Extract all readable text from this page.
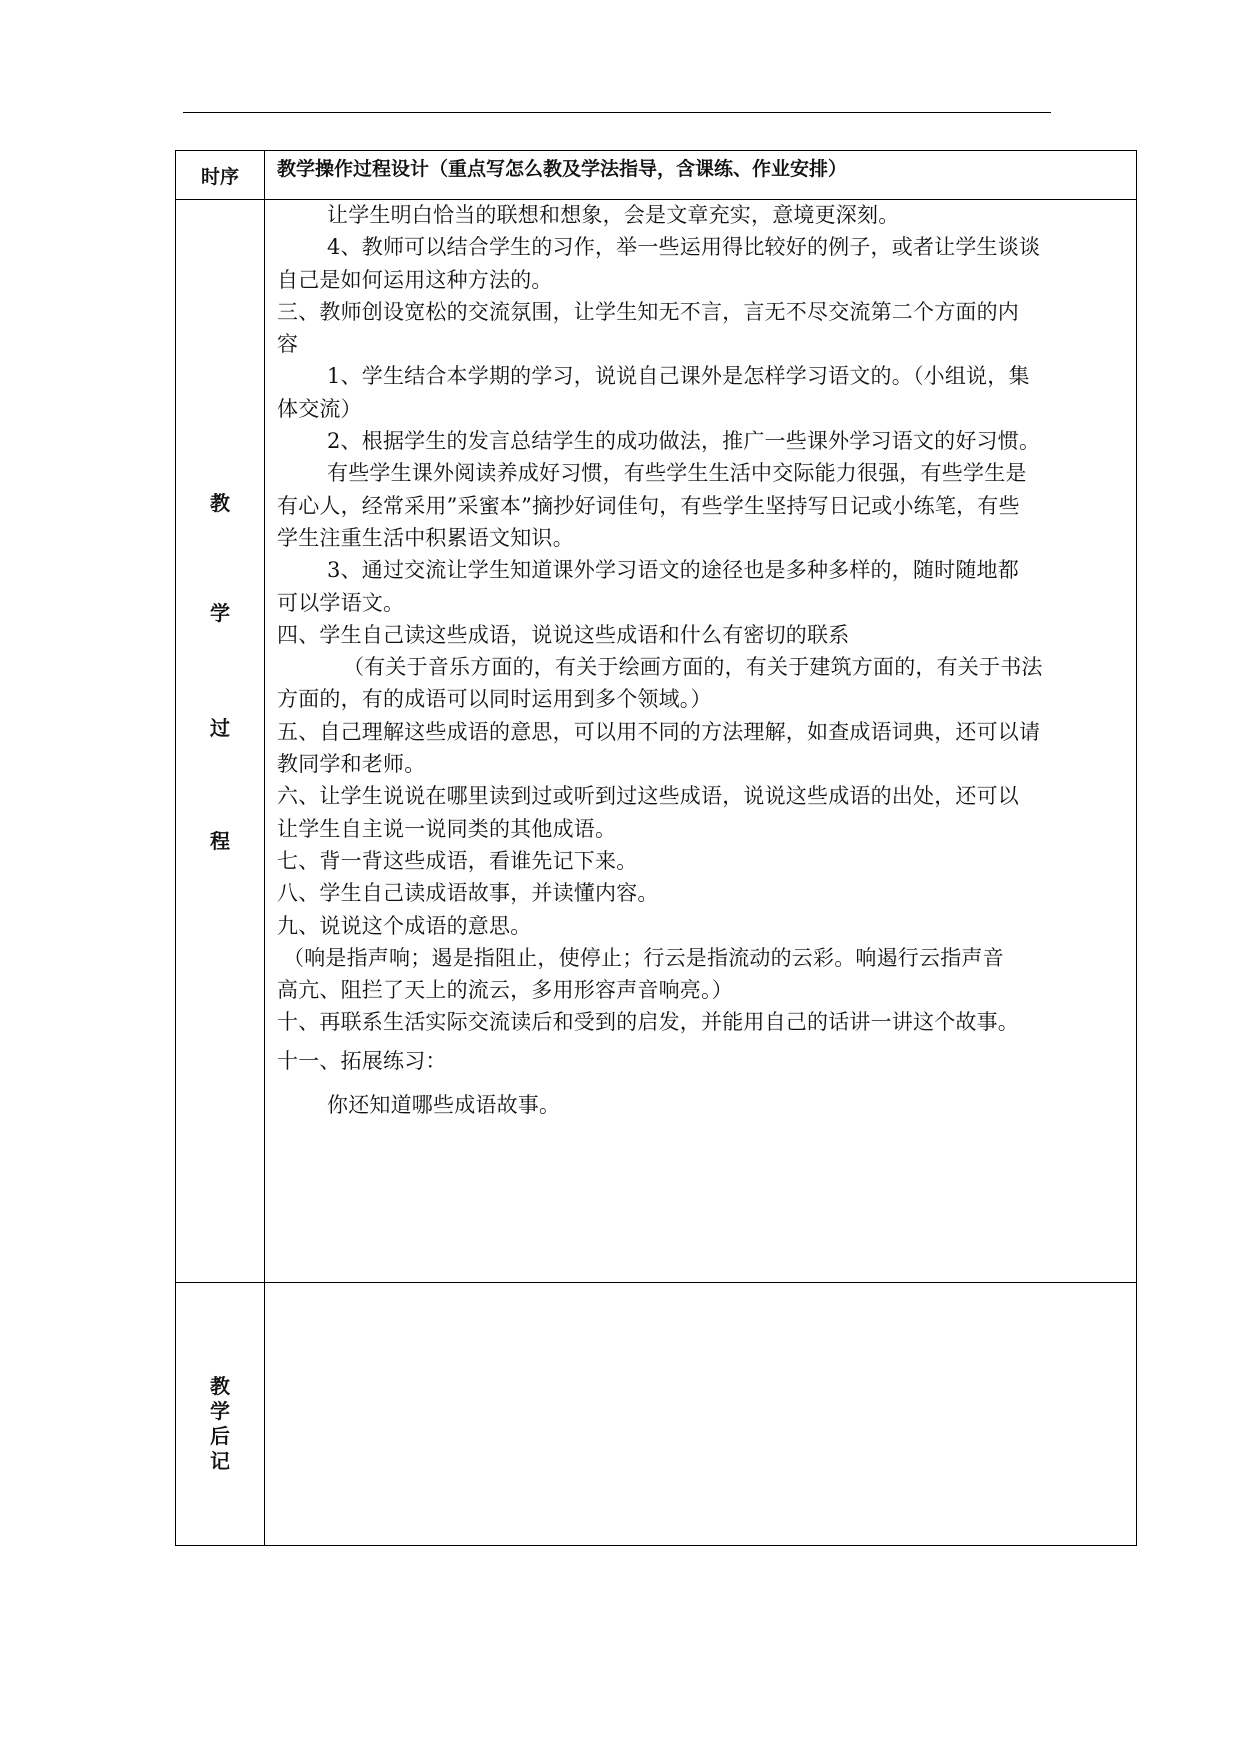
时序	教学操作过程设计（重点写怎么教及学法指导，含课练、作业安排）
教
学
过
程

让学生明白恰当的联想和想象，会是文章充实，意境更深刻。

4、教师可以结合学生的习作，举一些运用得比较好的例子，或者让学生谈谈

自己是如何运用这种方法的。

三、教师创设宽松的交流氛围，让学生知无不言，言无不尽交流第二个方面的内

容

1、学生结合本学期的学习，说说自己课外是怎样学习语文的。（小组说，集

体交流）

2、根据学生的发言总结学生的成功做法，推广一些课外学习语文的好习惯。

有些学生课外阅读养成好习惯，有些学生生活中交际能力很强，有些学生是

有心人，经常采用”采蜜本”摘抄好词佳句，有些学生坚持写日记或小练笔，有些

学生注重生活中积累语文知识。

3、通过交流让学生知道课外学习语文的途径也是多种多样的，随时随地都

可以学语文。

四、学生自己读这些成语，说说这些成语和什么有密切的联系

（有关于音乐方面的，有关于绘画方面的，有关于建筑方面的，有关于书法

方面的，有的成语可以同时运用到多个领域。）

五、自己理解这些成语的意思，可以用不同的方法理解，如查成语词典，还可以请

教同学和老师。

六、让学生说说在哪里读到过或听到过这些成语，说说这些成语的出处，还可以

让学生自主说一说同类的其他成语。

七、背一背这些成语，看谁先记下来。

八、学生自己读成语故事，并读懂内容。

九、说说这个成语的意思。

（响是指声响；遏是指阻止，使停止；行云是指流动的云彩。响遏行云指声音

高亢、阻拦了天上的流云，多用形容声音响亮。）

十、再联系生活实际交流读后和受到的启发，并能用自己的话讲一讲这个故事。

十一、拓展练习：

你还知道哪些成语故事。

教
学
后
记
